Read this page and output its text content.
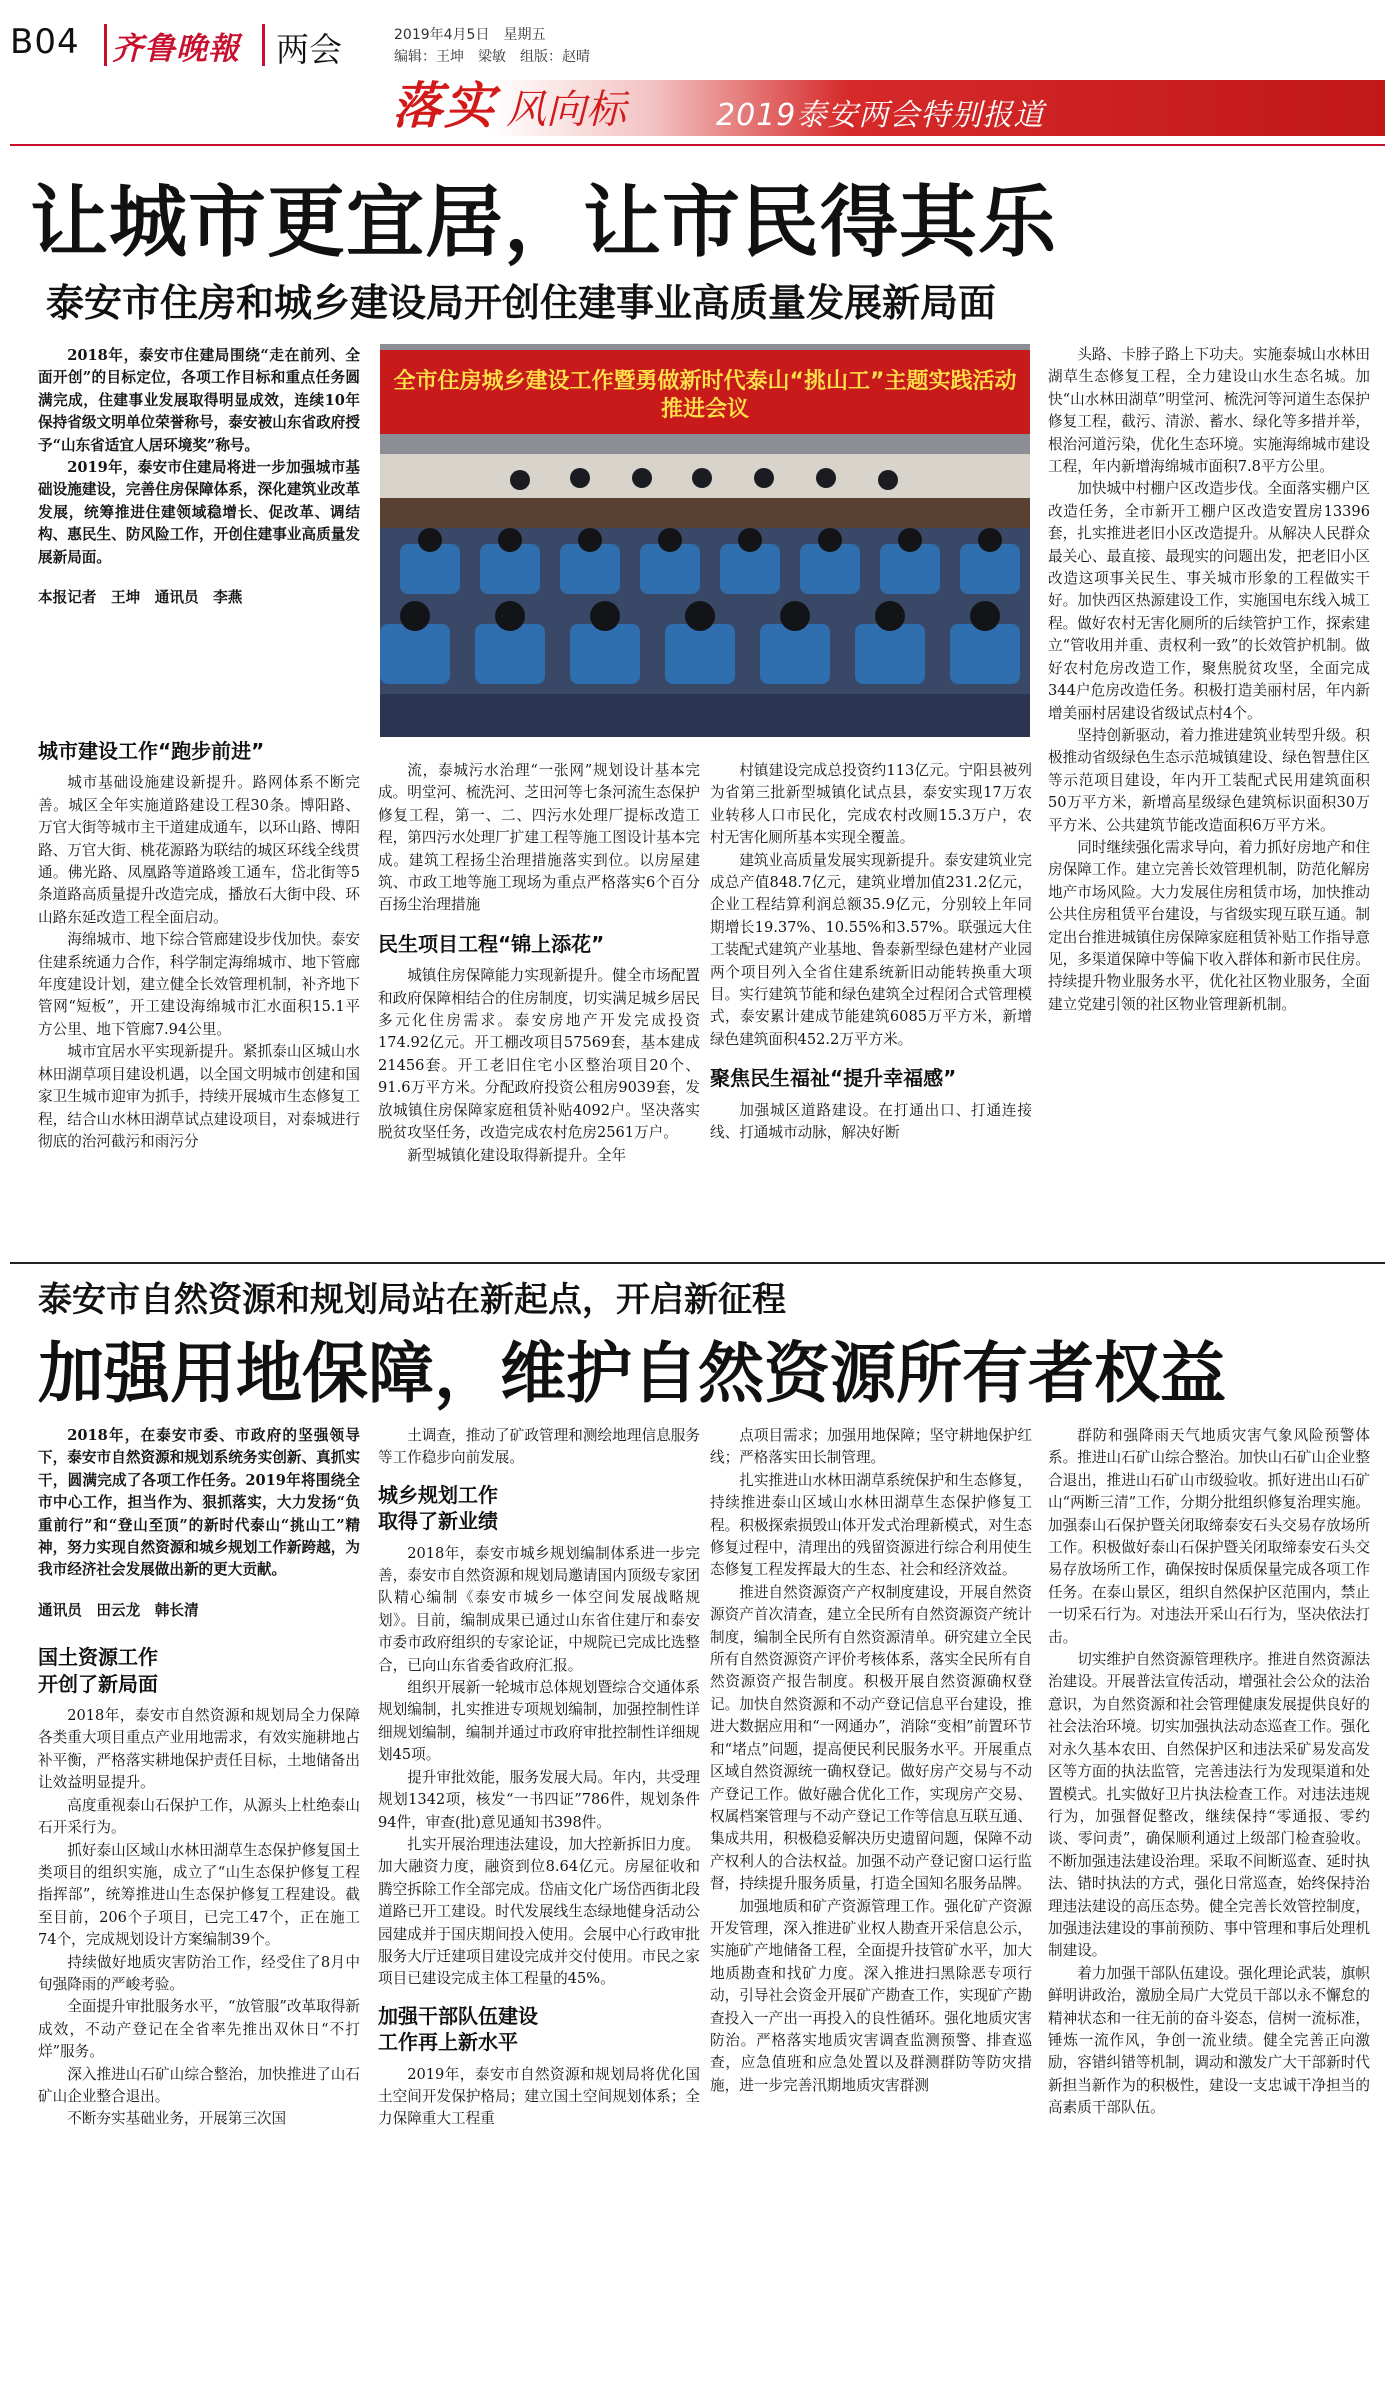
B04 齐鲁晚報 两会	2019年4月5日　星期五
编辑：王坤　梁敏　组版：赵晴
落实 风向标	2019泰安两会特别报道
让城市更宜居，让市民得其乐
泰安市住房和城乡建设局开创住建事业高质量发展新局面

2018年，泰安市住建局围绕“走在前列、全面开创”的目标定位，各项工作目标和重点任务圆满完成，住建事业发展取得明显成效，连续10年保持省级文明单位荣誉称号，泰安被山东省政府授予“山东省适宜人居环境奖”称号。

2019年，泰安市住建局将进一步加强城市基础设施建设，完善住房保障体系，深化建筑业改革发展，统筹推进住建领域稳增长、促改革、调结构、惠民生、防风险工作，开创住建事业高质量发展新局面。

本报记者　王坤　通讯员　李燕
全市住房城乡建设工作暨勇做新时代泰山“挑山工”主题实践活动推进会议
城市建设工作“跑步前进”

城市基础设施建设新提升。路网体系不断完善。城区全年实施道路建设工程30条。博阳路、万官大街等城市主干道建成通车，以环山路、博阳路、万官大街、桃花源路为联结的城区环线全线贯通。佛光路、凤凰路等道路竣工通车，岱北街等5条道路高质量提升改造完成，播放石大街中段、环山路东延改造工程全面启动。

海绵城市、地下综合管廊建设步伐加快。泰安住建系统通力合作，科学制定海绵城市、地下管廊年度建设计划，建立健全长效管理机制，补齐地下管网“短板”，开工建设海绵城市汇水面积15.1平方公里、地下管廊7.94公里。

城市宜居水平实现新提升。紧抓泰山区城山水林田湖草项目建设机遇，以全国文明城市创建和国家卫生城市迎审为抓手，持续开展城市生态修复工程，结合山水林田湖草试点建设项目，对泰城进行彻底的治河截污和雨污分

流，泰城污水治理“一张网”规划设计基本完成。明堂河、梳洗河、芝田河等七条河流生态保护修复工程，第一、二、四污水处理厂提标改造工程，第四污水处理厂扩建工程等施工图设计基本完成。建筑工程扬尘治理措施落实到位。以房屋建筑、市政工地等施工现场为重点严格落实6个百分百扬尘治理措施

民生项目工程“锦上添花”

城镇住房保障能力实现新提升。健全市场配置和政府保障相结合的住房制度，切实满足城乡居民多元化住房需求。泰安房地产开发完成投资174.92亿元。开工棚改项目57569套，基本建成21456套。开工老旧住宅小区整治项目20个、91.6万平方米。分配政府投资公租房9039套，发放城镇住房保障家庭租赁补贴4092户。坚决落实脱贫攻坚任务，改造完成农村危房2561万户。

新型城镇化建设取得新提升。全年

村镇建设完成总投资约113亿元。宁阳县被列为省第三批新型城镇化试点县，泰安实现17万农业转移人口市民化，完成农村改厕15.3万户，农村无害化厕所基本实现全覆盖。

建筑业高质量发展实现新提升。泰安建筑业完成总产值848.7亿元，建筑业增加值231.2亿元，企业工程结算利润总额35.9亿元，分别较上年同期增长19.37%、10.55%和3.57%。联强远大住工装配式建筑产业基地、鲁泰新型绿色建材产业园两个项目列入全省住建系统新旧动能转换重大项目。实行建筑节能和绿色建筑全过程闭合式管理模式，泰安累计建成节能建筑6085万平方米，新增绿色建筑面积452.2万平方米。

聚焦民生福祉“提升幸福感”

加强城区道路建设。在打通出口、打通连接线、打通城市动脉，解决好断

头路、卡脖子路上下功夫。实施泰城山水林田湖草生态修复工程，全力建设山水生态名城。加快“山水林田湖草”明堂河、梳洗河等河道生态保护修复工程，截污、清淤、蓄水、绿化等多措并举，根治河道污染，优化生态环境。实施海绵城市建设工程，年内新增海绵城市面积7.8平方公里。

加快城中村棚户区改造步伐。全面落实棚户区改造任务，全市新开工棚户区改造安置房13396套，扎实推进老旧小区改造提升。从解决人民群众最关心、最直接、最现实的问题出发，把老旧小区改造这项事关民生、事关城市形象的工程做实干好。加快西区热源建设工作，实施国电东线入城工程。做好农村无害化厕所的后续管护工作，探索建立“管收用并重、责权利一致”的长效管护机制。做好农村危房改造工作，聚焦脱贫攻坚，全面完成344户危房改造任务。积极打造美丽村居，年内新增美丽村居建设省级试点村4个。

坚持创新驱动，着力推进建筑业转型升级。积极推动省级绿色生态示范城镇建设、绿色智慧住区等示范项目建设，年内开工装配式民用建筑面积50万平方米，新增高星级绿色建筑标识面积30万平方米、公共建筑节能改造面积6万平方米。

同时继续强化需求导向，着力抓好房地产和住房保障工作。建立完善长效管理机制，防范化解房地产市场风险。大力发展住房租赁市场，加快推动公共住房租赁平台建设，与省级实现互联互通。制定出台推进城镇住房保障家庭租赁补贴工作指导意见，多渠道保障中等偏下收入群体和新市民住房。持续提升物业服务水平，优化社区物业服务，全面建立党建引领的社区物业管理新机制。

泰安市自然资源和规划局站在新起点，开启新征程
加强用地保障，维护自然资源所有者权益

2018年，在泰安市委、市政府的坚强领导下，泰安市自然资源和规划系统务实创新、真抓实干，圆满完成了各项工作任务。2019年将围绕全市中心工作，担当作为、狠抓落实，大力发扬“负重前行”和“登山至顶”的新时代泰山“挑山工”精神，努力实现自然资源和城乡规划工作新跨越，为我市经济社会发展做出新的更大贡献。

通讯员　田云龙　韩长清
国土资源工作
开创了新局面

2018年，泰安市自然资源和规划局全力保障各类重大项目重点产业用地需求，有效实施耕地占补平衡，严格落实耕地保护责任目标，土地储备出让效益明显提升。

高度重视泰山石保护工作，从源头上杜绝泰山石开采行为。

抓好泰山区域山水林田湖草生态保护修复国土类项目的组织实施，成立了“山生态保护修复工程指挥部”，统筹推进山生态保护修复工程建设。截至目前，206个子项目，已完工47个，正在施工74个，完成规划设计方案编制39个。

持续做好地质灾害防治工作，经受住了8月中旬强降雨的严峻考验。

全面提升审批服务水平，“放管服”改革取得新成效，不动产登记在全省率先推出双休日“不打烊”服务。

深入推进山石矿山综合整治，加快推进了山石矿山企业整合退出。

不断夯实基础业务，开展第三次国

土调查，推动了矿政管理和测绘地理信息服务等工作稳步向前发展。

城乡规划工作
取得了新业绩

2018年，泰安市城乡规划编制体系进一步完善，泰安市自然资源和规划局邀请国内顶级专家团队精心编制《泰安市城乡一体空间发展战略规划》。目前，编制成果已通过山东省住建厅和泰安市委市政府组织的专家论证，中规院已完成比选整合，已向山东省委省政府汇报。

组织开展新一轮城市总体规划暨综合交通体系规划编制，扎实推进专项规划编制，加强控制性详细规划编制，编制并通过市政府审批控制性详细规划45项。

提升审批效能，服务发展大局。年内，共受理规划1342项，核发“一书四证”786件，规划条件94件，审查(批)意见通知书398件。

扎实开展治理违法建设，加大控新拆旧力度。加大融资力度，融资到位8.64亿元。房屋征收和腾空拆除工作全部完成。岱庙文化广场岱西街北段道路已开工建设。时代发展线生态绿地健身活动公园建成并于国庆期间投入使用。会展中心行政审批服务大厅迁建项目建设完成并交付使用。市民之家项目已建设完成主体工程量的45%。

加强干部队伍建设
工作再上新水平

2019年，泰安市自然资源和规划局将优化国土空间开发保护格局；建立国土空间规划体系；全力保障重大工程重

点项目需求；加强用地保障；坚守耕地保护红线；严格落实田长制管理。

扎实推进山水林田湖草系统保护和生态修复，持续推进泰山区域山水林田湖草生态保护修复工程。积极探索损毁山体开发式治理新模式，对生态修复过程中，清理出的残留资源进行综合利用使生态修复工程发挥最大的生态、社会和经济效益。

推进自然资源资产产权制度建设，开展自然资源资产首次清查，建立全民所有自然资源资产统计制度，编制全民所有自然资源清单。研究建立全民所有自然资源资产评价考核体系，落实全民所有自然资源资产报告制度。积极开展自然资源确权登记。加快自然资源和不动产登记信息平台建设，推进大数据应用和“一网通办”，消除“变相”前置环节和“堵点”问题，提高便民利民服务水平。开展重点区域自然资源统一确权登记。做好房产交易与不动产登记工作。做好融合优化工作，实现房产交易、权属档案管理与不动产登记工作等信息互联互通、集成共用，积极稳妥解决历史遗留问题，保障不动产权利人的合法权益。加强不动产登记窗口运行监督，持续提升服务质量，打造全国知名服务品牌。

加强地质和矿产资源管理工作。强化矿产资源开发管理，深入推进矿业权人勘查开采信息公示，实施矿产地储备工程，全面提升技管矿水平，加大地质勘查和找矿力度。深入推进扫黑除恶专项行动，引导社会资金开展矿产勘查工作，实现矿产勘查投入一产出一再投入的良性循环。强化地质灾害防治。严格落实地质灾害调查监测预警、排查巡查，应急值班和应急处置以及群测群防等防灾措施，进一步完善汛期地质灾害群测

群防和强降雨天气地质灾害气象风险预警体系。推进山石矿山综合整治。加快山石矿山企业整合退出，推进山石矿山市级验收。抓好进出山石矿山“两断三清”工作，分期分批组织修复治理实施。加强泰山石保护暨关闭取缔泰安石头交易存放场所工作。积极做好泰山石保护暨关闭取缔泰安石头交易存放场所工作，确保按时保质保量完成各项工作任务。在泰山景区，组织自然保护区范围内，禁止一切采石行为。对违法开采山石行为，坚决依法打击。

切实维护自然资源管理秩序。推进自然资源法治建设。开展普法宣传活动，增强社会公众的法治意识，为自然资源和社会管理健康发展提供良好的社会法治环境。切实加强执法动态巡查工作。强化对永久基本农田、自然保护区和违法采矿易发高发区等方面的执法监管，完善违法行为发现渠道和处置模式。扎实做好卫片执法检查工作。对违法违规行为，加强督促整改，继续保持“零通报、零约谈、零问责”，确保顺利通过上级部门检查验收。不断加强违法建设治理。采取不间断巡查、延时执法、错时执法的方式，强化日常巡查，始终保持治理违法建设的高压态势。健全完善长效管控制度，加强违法建设的事前预防、事中管理和事后处理机制建设。

着力加强干部队伍建设。强化理论武装，旗帜鲜明讲政治，激励全局广大党员干部以永不懈怠的精神状态和一往无前的奋斗姿态，信树一流标准，锤炼一流作风，争创一流业绩。健全完善正向激励，容错纠错等机制，调动和激发广大干部新时代新担当新作为的积极性，建设一支忠诚干净担当的高素质干部队伍。
